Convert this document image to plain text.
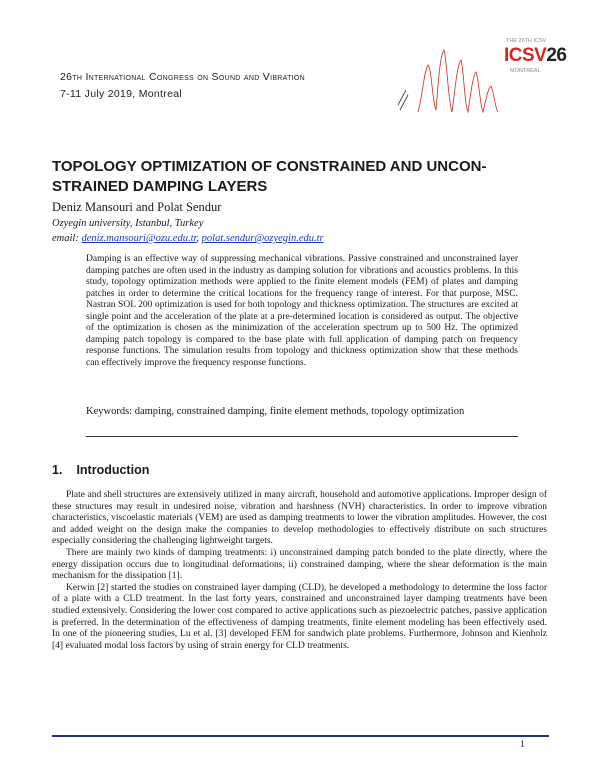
26th International Congress on Sound and Vibration
7-11 July 2019, Montreal
THE 26TH ICSV
ICSV26
MONTREAL
TOPOLOGY OPTIMIZATION OF CONSTRAINED AND UNCON-STRAINED DAMPING LAYERS
Deniz Mansouri and Polat Sendur
Ozyegin university, Istanbul, Turkey
email: deniz.mansouri@ozu.edu.tr, polat.sendur@ozyegin.edu.tr

Damping is an effective way of suppressing mechanical vibrations. Passive constrained and unconstrained layer damping patches are often used in the industry as damping solution for vibrations and acoustics problems. In this study, topology optimization methods were applied to the finite element models (FEM) of plates and damping patches in order to determine the critical locations for the frequency range of interest. For that purpose, MSC. Nastran SOL 200 optimization is used for both topology and thickness optimization. The structures are excited at single point and the acceleration of the plate at a pre-determined location is considered as output. The objective of the optimization is chosen as the minimization of the acceleration spectrum up to 500 Hz. The optimized damping patch topology is compared to the base plate with full application of damping patch on frequency response functions. The simulation results from topology and thickness optimization show that these methods can effectively improve the frequency response functions.

Keywords: damping, constrained damping, finite element methods, topology optimization
1. Introduction

Plate and shell structures are extensively utilized in many aircraft, household and automotive applications. Improper design of these structures may result in undesired noise, vibration and harshness (NVH) characteristics. In order to improve vibration characteristics, viscoelastic materials (VEM) are used as damping treatments to lower the vibration amplitudes. However, the cost and added weight on the design make the companies to develop methodologies to effectively distribute on such structures especially considering the challenging lightweight targets.

There are mainly two kinds of damping treatments: i) unconstrained damping patch bonded to the plate directly, where the energy dissipation occurs due to longitudinal deformations, ii) constrained damping, where the shear deformation is the main mechanism for the dissipation [1].

Kerwin [2] started the studies on constrained layer damping (CLD), he developed a methodology to determine the loss factor of a plate with a CLD treatment. In the last forty years, constrained and unconstrained layer damping treatments have been studied extensively. Considering the lower cost compared to active applications such as piezoelectric patches, passive application is preferred. In the determination of the effectiveness of damping treatments, finite element modeling has been effectively used. In one of the pioneering studies, Lu et al. [3] developed FEM for sandwich plate problems. Furthermore, Johnson and Kienholz [4] evaluated modal loss factors by using of strain energy for CLD treatments.

1
